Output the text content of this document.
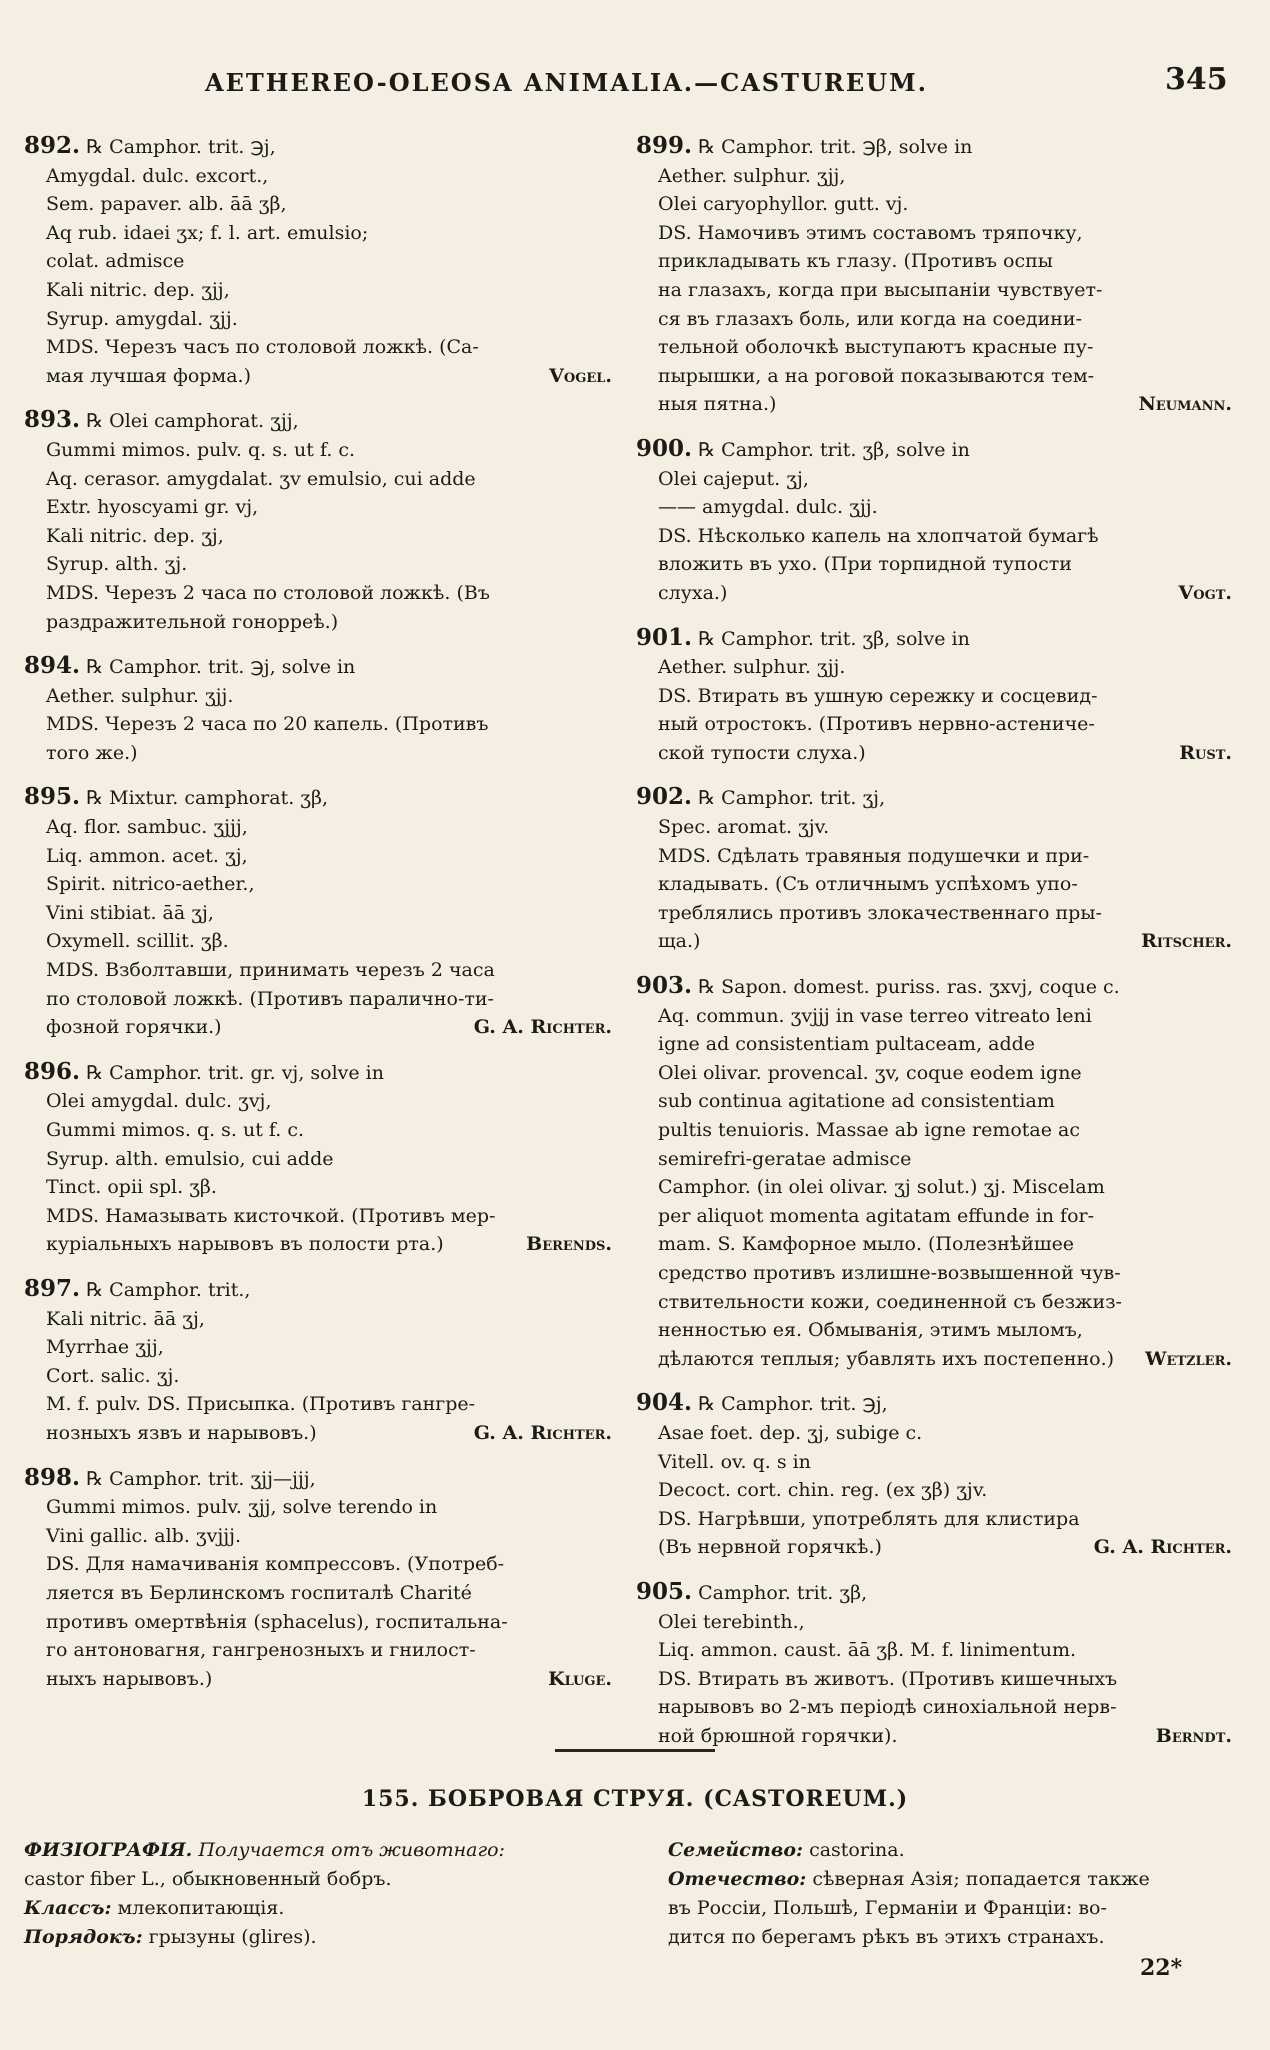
AETHEREO-OLEOSA ANIMALIA.—CASTUREUM.	345
892. ℞ Camphor. trit. ℈j,
Amygdal. dulc. excort.,
Sem. papaver. alb. āā ʒβ,
Aq rub. idaei ʒx; f. l. art. emulsio;
colat. admisce
Kali nitric. dep. ʒjj,
Syrup. amygdal. ʒjj.
MDS. Черезъ часъ по столовой ложкѣ. (Са-
мая лучшая форма.)	Vogel.
893. ℞ Olei camphorat. ʒjj,
Gummi mimos. pulv. q. s. ut f. c.
Aq. cerasor. amygdalat. ʒv emulsio, cui adde
Extr. hyoscyami gr. vj,
Kali nitric. dep. ʒj,
Syrup. alth. ʒj.
MDS. Черезъ 2 часа по столовой ложкѣ. (Въ
раздражительной гонорреѣ.)
894. ℞ Camphor. trit. ℈j, solve in
Aether. sulphur. ʒjj.
MDS. Черезъ 2 часа по 20 капель. (Противъ
того же.)
895. ℞ Mixtur. camphorat. ʒβ,
Aq. flor. sambuc. ʒjjj,
Liq. ammon. acet. ʒj,
Spirit. nitrico-aether.,
Vini stibiat. āā ʒj,
Oxymell. scillit. ʒβ.
MDS. Взболтавши, принимать черезъ 2 часа
по столовой ложкѣ. (Противъ паралично-ти-
фозной горячки.)	G. A. Richter.
896. ℞ Camphor. trit. gr. vj, solve in
Olei amygdal. dulc. ʒvj,
Gummi mimos. q. s. ut f. c.
Syrup. alth. emulsio, cui adde
Tinct. opii spl. ʒβ.
MDS. Намазывать кисточкой. (Противъ мер-
куріальныхъ нарывовъ въ полости рта.)	Berends.
897. ℞ Camphor. trit.,
Kali nitric. āā ʒj,
Myrrhae ʒjj,
Cort. salic. ʒj.
M. f. pulv. DS. Присыпка. (Противъ гангре-
нозныхъ язвъ и нарывовъ.)	G. A. Richter.
898. ℞ Camphor. trit. ʒjj—jjj,
Gummi mimos. pulv. ʒjj, solve terendo in
Vini gallic. alb. ʒvjjj.
DS. Для намачиванія компрессовъ. (Употреб-
ляется въ Берлинскомъ госпиталѣ Charité
противъ омертвѣнія (sphacelus), госпитальна-
го антоновагня, гангренозныхъ и гнилост-
ныхъ нарывовъ.)	Kluge.
899. ℞ Camphor. trit. ℈β, solve in
Aether. sulphur. ʒjj,
Olei caryophyllor. gutt. vj.
DS. Намочивъ этимъ составомъ тряпочку,
прикладывать къ глазу. (Противъ оспы
на глазахъ, когда при высыпаніи чувствует-
ся въ глазахъ боль, или когда на соедини-
тельной оболочкѣ выступаютъ красные пу-
пырышки, а на роговой показываются тем-
ныя пятна.)	Neumann.
900. ℞ Camphor. trit. ʒβ, solve in
Olei cajeput. ʒj,
—— amygdal. dulc. ʒjj.
DS. Нѣсколько капель на хлопчатой бумагѣ
вложить въ ухо. (При торпидной тупости
слуха.)	Vogt.
901. ℞ Camphor. trit. ʒβ, solve in
Aether. sulphur. ʒjj.
DS. Втирать въ ушную сережку и сосцевид-
ный отростокъ. (Противъ нервно-астениче-
ской тупости слуха.)	Rust.
902. ℞ Camphor. trit. ʒj,
Spec. aromat. ʒjv.
MDS. Сдѣлать травяныя подушечки и при-
кладывать. (Съ отличнымъ успѣхомъ упо-
треблялись противъ злокачественнаго пры-
ща.)	Ritscher.
903. ℞ Sapon. domest. puriss. ras. ʒxvj, coque c.
Aq. commun. ʒvjjj in vase terreo vitreato leni
igne ad consistentiam pultaceam, adde
Olei olivar. provencal. ʒv, coque eodem igne
sub continua agitatione ad consistentiam
pultis tenuioris. Massae ab igne remotae ac
semirefri-geratae admisce
Camphor. (in olei olivar. ʒj solut.) ʒj. Miscelam
per aliquot momenta agitatam effunde in for-
mam. S. Камфорное мыло. (Полезнѣйшее
средство противъ излишне-возвышенной чув-
ствительности кожи, соединенной съ безжиз-
ненностью ея. Обмыванія, этимъ мыломъ,
дѣлаются теплыя; убавлять ихъ постепенно.)	Wetzler.
904. ℞ Camphor. trit. ℈j,
Asae foet. dep. ʒj, subige c.
Vitell. ov. q. s in
Decoct. cort. chin. reg. (ex ʒβ) ʒjv.
DS. Нагрѣвши, употреблять для клистира
(Въ нервной горячкѣ.)	G. A. Richter.
905. Camphor. trit. ʒβ,
Olei terebinth.,
Liq. ammon. caust. āā ʒβ. M. f. linimentum.
DS. Втирать въ животъ. (Противъ кишечныхъ
нарывовъ во 2-мъ періодѣ синохіальной нерв-
ной брюшной горячки).	Berndt.
155. БОБРОВАЯ СТРУЯ. (CASTOREUM.)
ФИЗІОГРАФІЯ. Получается отъ животнаго:
castor fiber L., обыкновенный бобръ.
Классъ: млекопитающія.
Порядокъ: грызуны (glires).
Семейство: castorina.
Отечество: сѣверная Азія; попадается также
въ Россіи, Польшѣ, Германіи и Франціи: во-
дится по берегамъ рѣкъ въ этихъ странахъ.
22*
